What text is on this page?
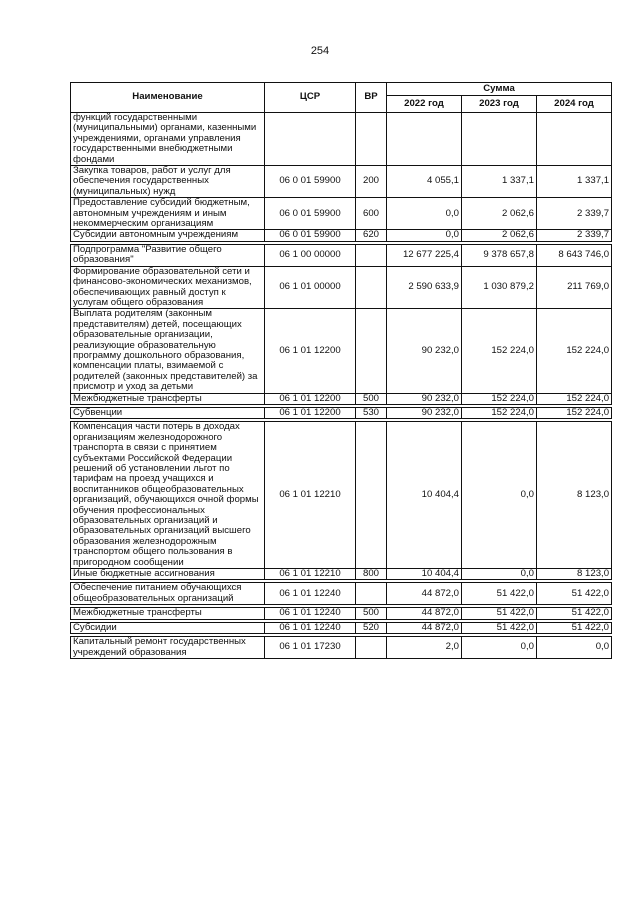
254
Наименование	ЦСР	ВР	Сумма		
			2022 год	2023 год	2024 год
функций государственными (муниципальными) органами, казенными учреждениями, органами управления государственными внебюджетными фондами					
Закупка товаров, работ и услуг для обеспечения государственных (муниципальных) нужд	06 0 01 59900	200	4 055,1	1 337,1	1 337,1
Предоставление субсидий бюджетным, автономным учреждениям и иным некоммерческим организациям	06 0 01 59900	600	0,0	2 062,6	2 339,7
Субсидии автономным учреждениям	06 0 01 59900	620	0,0	2 062,6	2 339,7

Подпрограмма "Развитие общего образования"	06 1 00 00000		12 677 225,4	9 378 657,8	8 643 746,0
Формирование образовательной сети и финансово-экономических механизмов, обеспечивающих равный доступ к услугам общего образования	06 1 01 00000		2 590 633,9	1 030 879,2	211 769,0
Выплата родителям (законным представителям) детей, посещающих образовательные организации, реализующие образовательную программу дошкольного образования, компенсации платы, взимаемой с родителей (законных представителей) за присмотр и уход за детьми	06 1 01 12200		90 232,0	152 224,0	152 224,0
Межбюджетные трансферты	06 1 01 12200	500	90 232,0	152 224,0	152 224,0

Субвенции	06 1 01 12200	530	90 232,0	152 224,0	152 224,0

Компенсация части потерь в доходах организациям железнодорожного транспорта в связи с принятием субъектами Российской Федерации решений об установлении льгот по тарифам на проезд учащихся и воспитанников общеобразовательных организаций, обучающихся очной формы обучения профессиональных образовательных организаций и образовательных организаций высшего образования железнодорожным транспортом общего пользования в пригородном сообщении	06 1 01 12210		10 404,4	0,0	8 123,0
Иные бюджетные ассигнования	06 1 01 12210	800	10 404,4	0,0	8 123,0

Обеспечение питанием обучающихся общеобразовательных организаций	06 1 01 12240		44 872,0	51 422,0	51 422,0

Межбюджетные трансферты	06 1 01 12240	500	44 872,0	51 422,0	51 422,0

Субсидии	06 1 01 12240	520	44 872,0	51 422,0	51 422,0

Капитальный ремонт государственных учреждений образования	06 1 01 17230		2,0	0,0	0,0
